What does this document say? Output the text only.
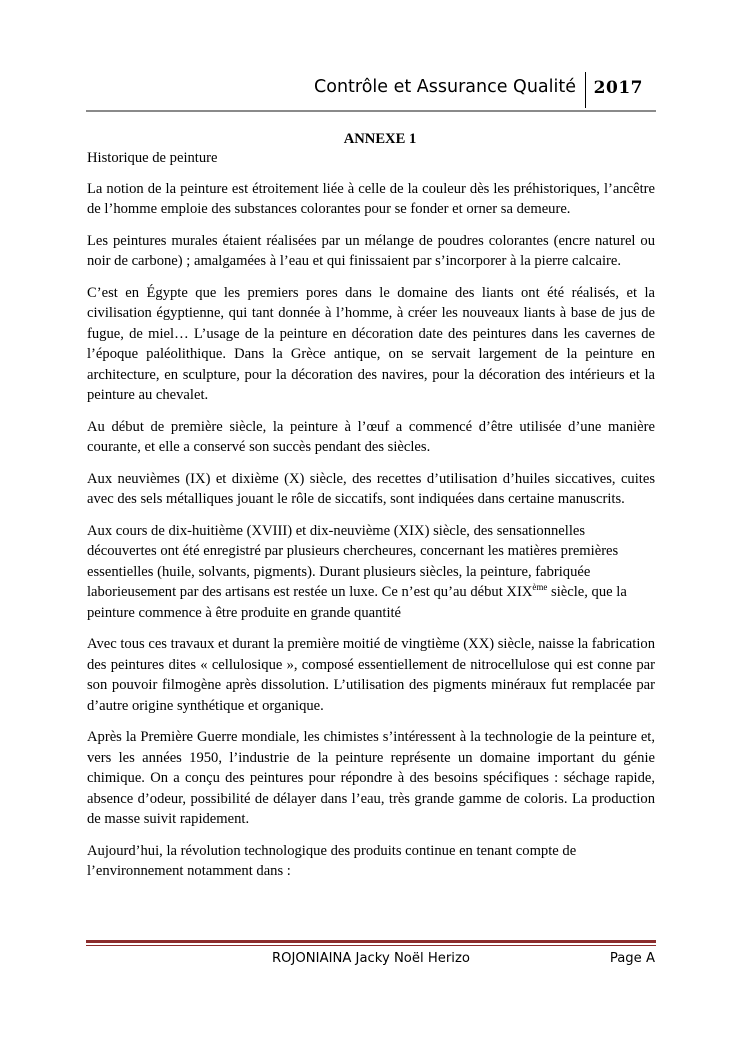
Contrôle et Assurance Qualité 2017

ANNEXE 1

Historique de peinture

La notion de la peinture est étroitement liée à celle de la couleur dès les préhistoriques, l’ancêtre de l’homme emploie des substances colorantes pour se fonder et orner sa demeure.

Les peintures murales étaient réalisées par un mélange de poudres colorantes (encre naturel ou noir de carbone) ; amalgamées à l’eau et qui finissaient par s’incorporer à la pierre calcaire.

C’est en Égypte que les premiers pores dans le domaine des liants ont été réalisés, et la civilisation égyptienne, qui tant donnée à l’homme, à créer les nouveaux liants à base de jus de fugue, de miel… L’usage de la peinture en décoration date des peintures dans les cavernes de l’époque paléolithique. Dans la Grèce antique, on se servait largement de la peinture en architecture, en sculpture, pour la décoration des navires, pour la décoration des intérieurs et la peinture au chevalet.

Au début de première siècle, la peinture à l’œuf a commencé d’être utilisée d’une manière courante, et elle a conservé son succès pendant des siècles.

Aux neuvièmes (IX) et dixième (X) siècle, des recettes d’utilisation d’huiles siccatives, cuites avec des sels métalliques jouant le rôle de siccatifs, sont indiquées dans certaine manuscrits.

Aux cours de dix-huitième (XVIII) et dix-neuvième (XIX) siècle, des sensationnelles découvertes ont été enregistré par plusieurs chercheures, concernant les matières premières essentielles (huile, solvants, pigments). Durant plusieurs siècles, la peinture, fabriquée laborieusement par des artisans est restée un luxe. Ce n’est qu’au début XIXème siècle, que la peinture commence à être produite en grande quantité

Avec tous ces travaux et durant la première moitié de vingtième (XX) siècle, naisse la fabrication des peintures dites « cellulosique », composé essentiellement de nitrocellulose qui est conne par son pouvoir filmogène après dissolution. L’utilisation des pigments minéraux fut remplacée par d’autre origine synthétique et organique.

Après la Première Guerre mondiale, les chimistes s’intéressent à la technologie de la peinture et, vers les années 1950, l’industrie de la peinture représente un domaine important du génie chimique. On a conçu des peintures pour répondre à des besoins spécifiques : séchage rapide, absence d’odeur, possibilité de délayer dans l’eau, très grande gamme de coloris. La production de masse suivit rapidement.

Aujourd’hui, la révolution technologique des produits continue en tenant compte de l’environnement notamment dans :

ROJONIAINA Jacky Noël Herizo	Page A
